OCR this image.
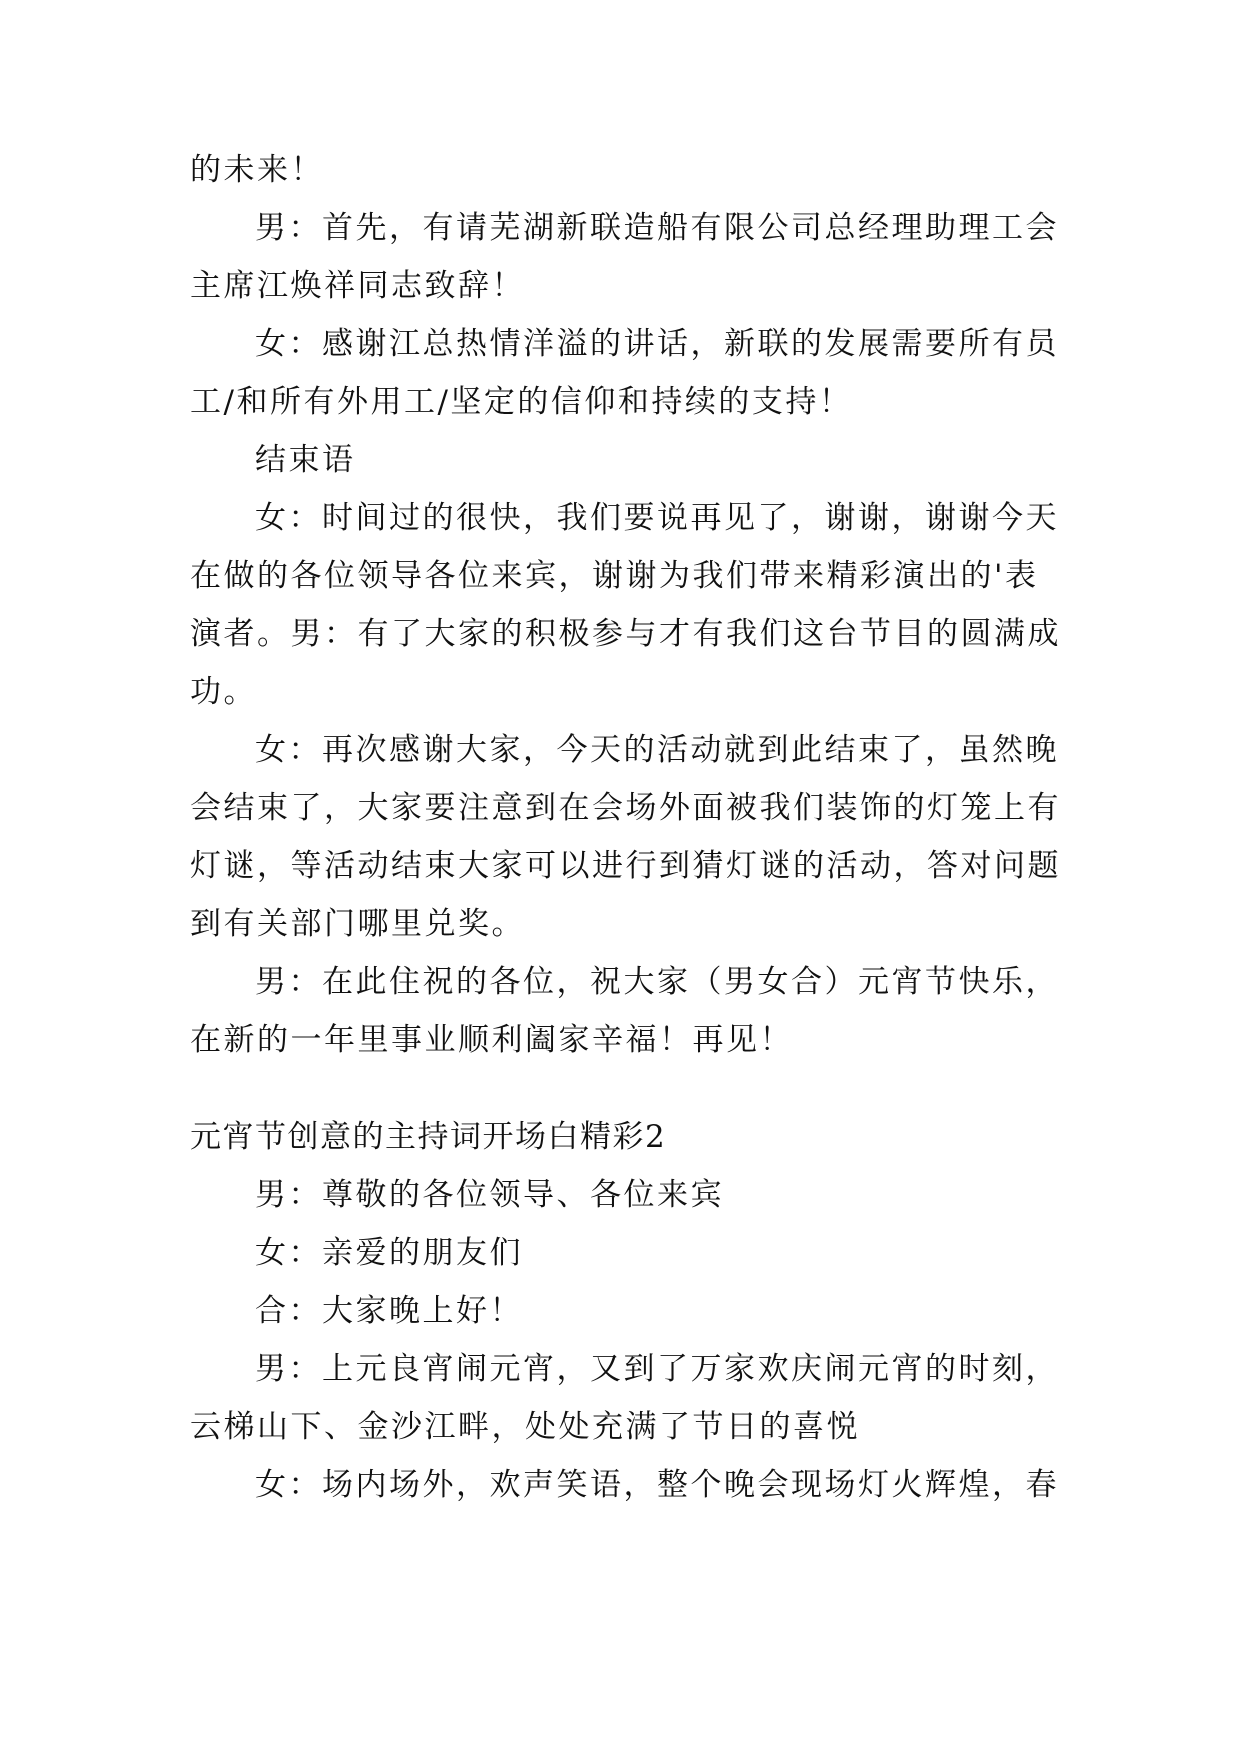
的未来！
男：首先，有请芜湖新联造船有限公司总经理助理工会
主席江焕祥同志致辞！
女：感谢江总热情洋溢的讲话，新联的发展需要所有员
工/和所有外用工/坚定的信仰和持续的支持！
结束语
女：时间过的很快，我们要说再见了，谢谢，谢谢今天
在做的各位领导各位来宾，谢谢为我们带来精彩演出的'表
演者。男：有了大家的积极参与才有我们这台节目的圆满成
功。
女：再次感谢大家，今天的活动就到此结束了，虽然晚
会结束了，大家要注意到在会场外面被我们装饰的灯笼上有
灯谜，等活动结束大家可以进行到猜灯谜的活动，答对问题
到有关部门哪里兑奖。
男：在此住祝的各位，祝大家（男女合）元宵节快乐，
在新的一年里事业顺利阖家辛福！再见！
元宵节创意的主持词开场白精彩2
男：尊敬的各位领导、各位来宾
女：亲爱的朋友们
合：大家晚上好！
男：上元良宵闹元宵，又到了万家欢庆闹元宵的时刻，
云梯山下、金沙江畔，处处充满了节日的喜悦
女：场内场外，欢声笑语，整个晚会现场灯火辉煌，春
